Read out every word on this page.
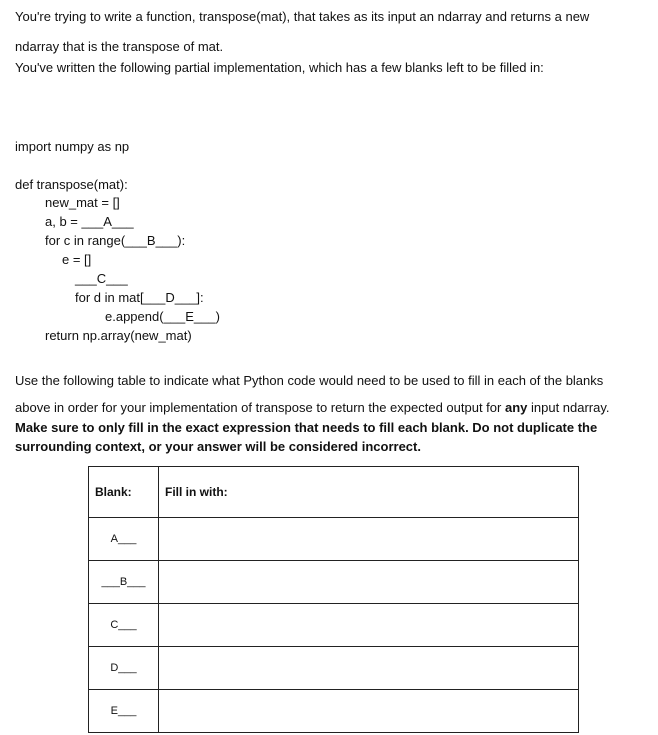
You're trying to write a function, transpose(mat), that takes as its input an ndarray and returns a new
ndarray that is the transpose of mat.
You've written the following partial implementation, which has a few blanks left to be filled in:
import numpy as np
def transpose(mat):
new_mat = []
a, b = ___A___
for c in range(___B___):
e = []
___C___
for d in mat[___D___]:
e.append(___E___)
return np.array(new_mat)
Use the following table to indicate what Python code would need to be used to fill in each of the blanks
above in order for your implementation of transpose to return the expected output for any input ndarray.
Make sure to only fill in the exact expression that needs to fill each blank. Do not duplicate the
surrounding context, or your answer will be considered incorrect.
Blank:	Fill in with:
A___	
___B___	
C___	
D___	
E___	
